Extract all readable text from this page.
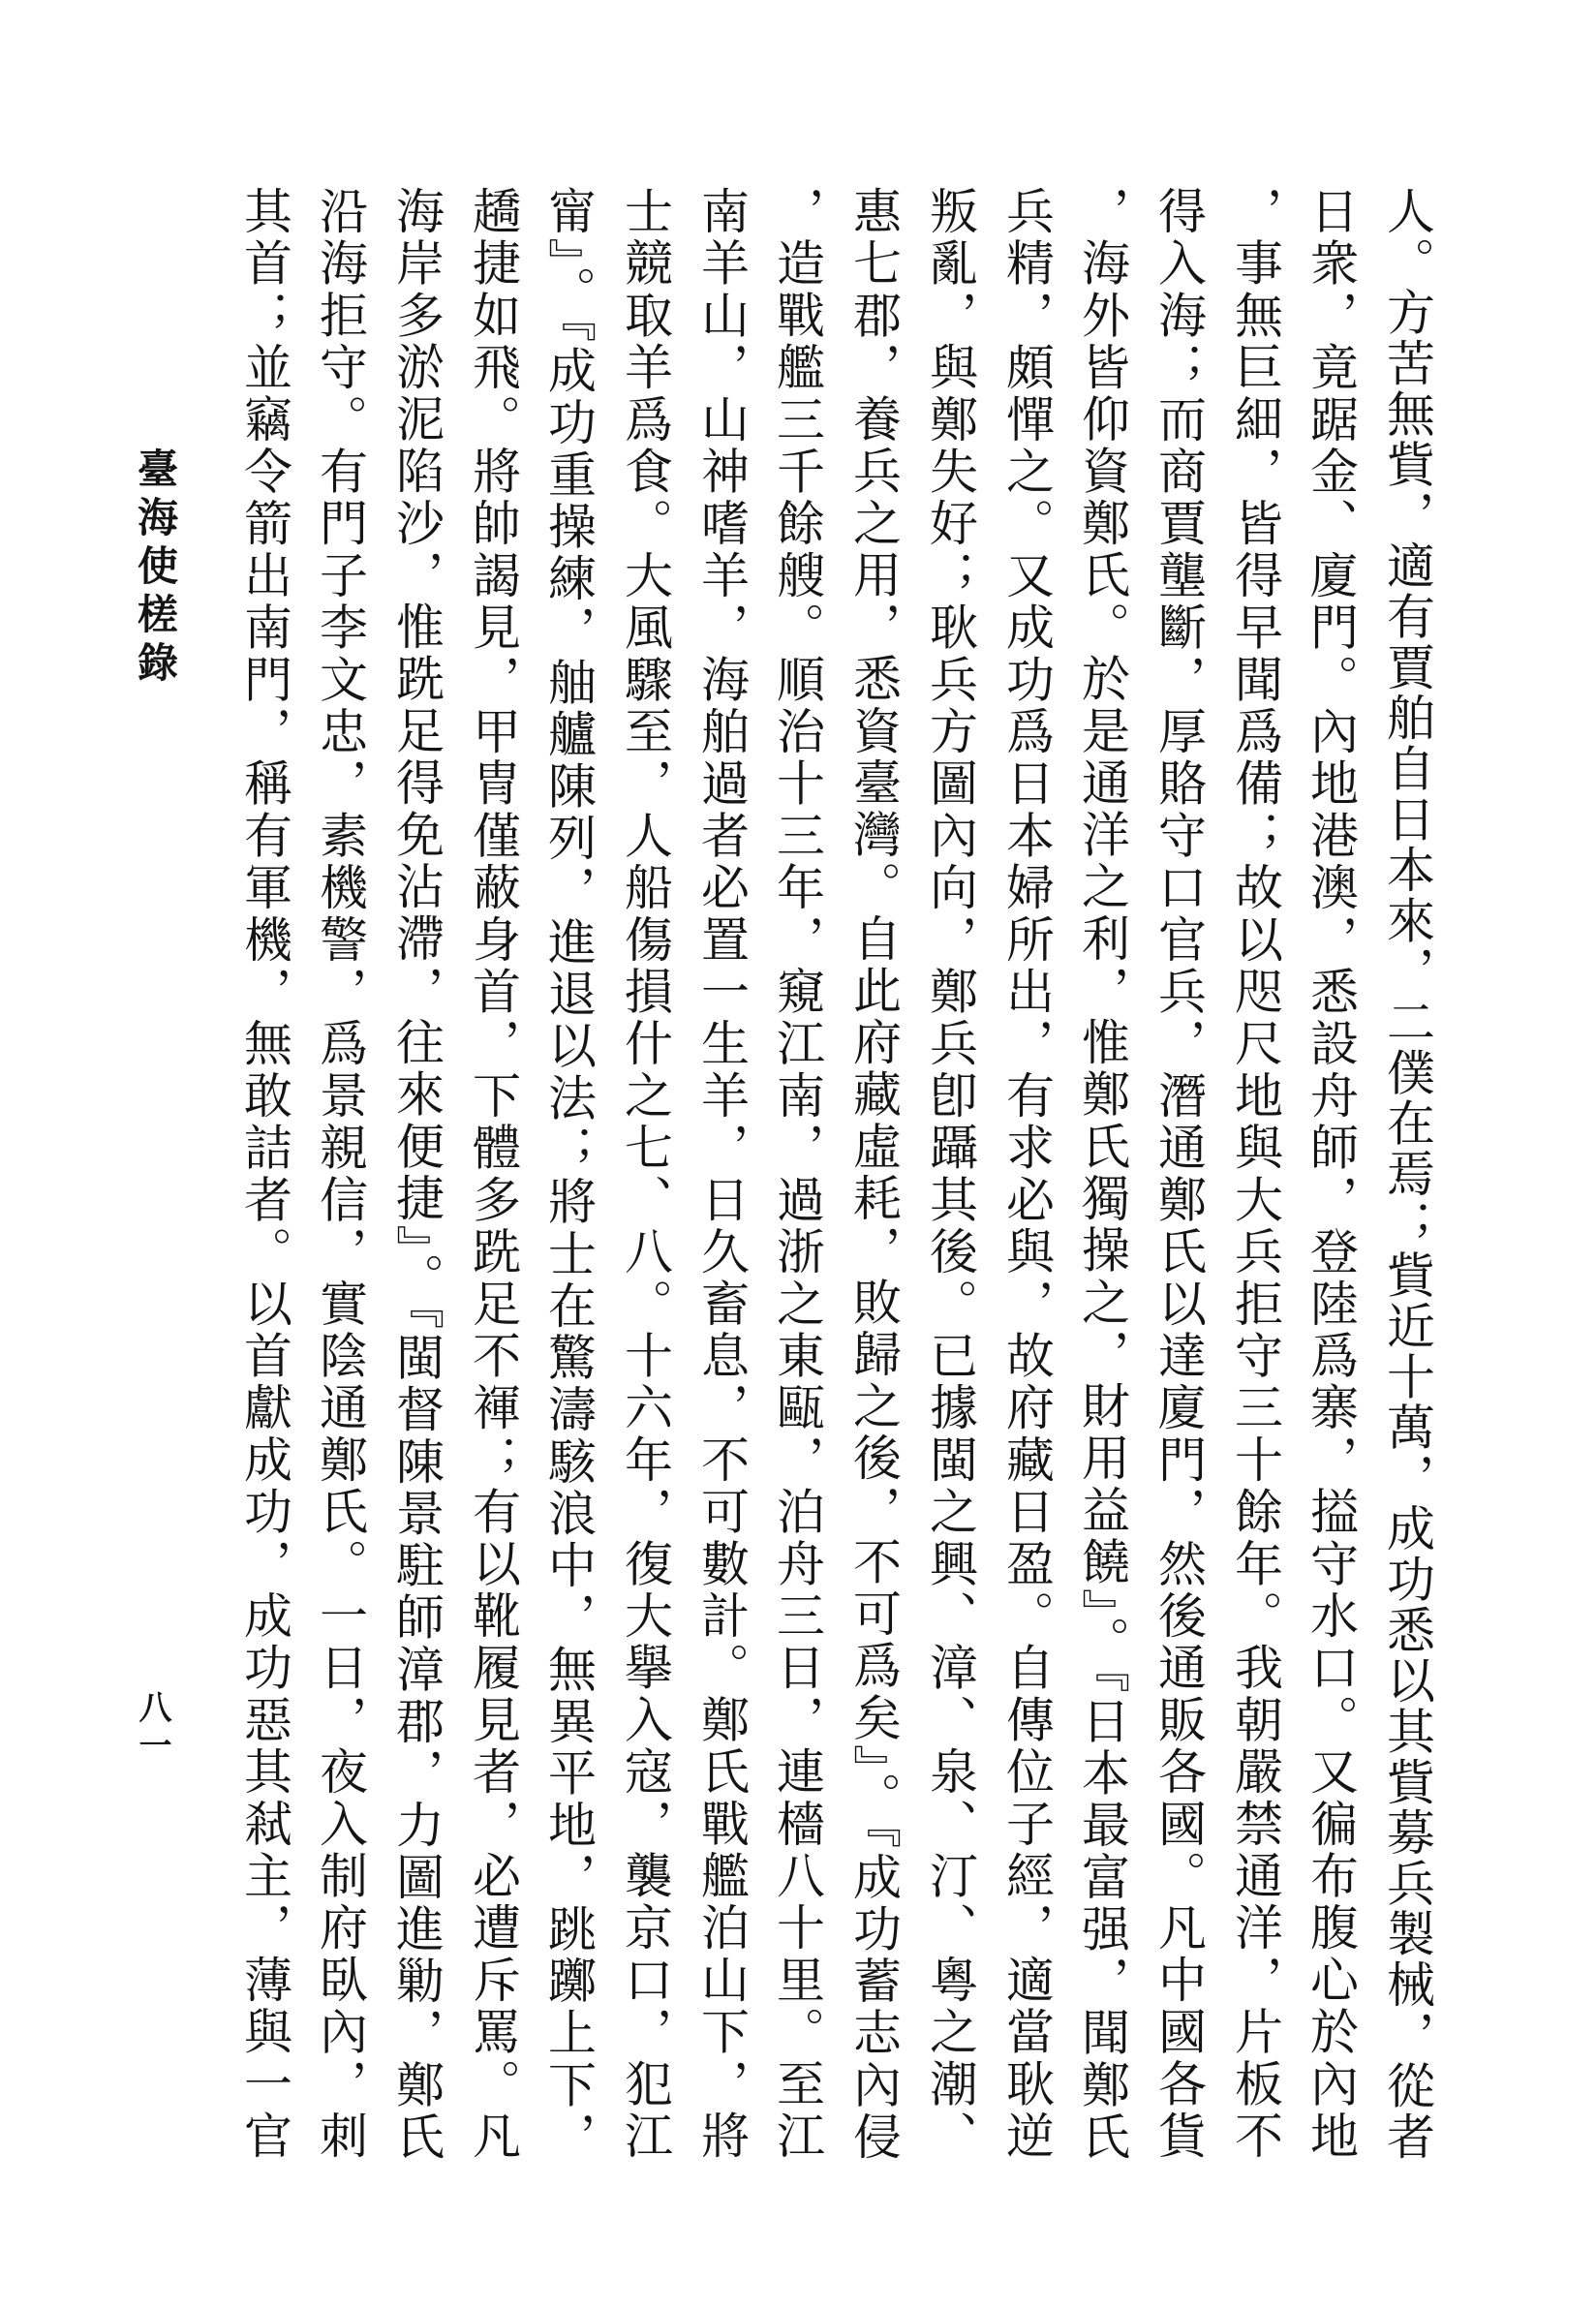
臺海使槎錄
八一	人。方苦無貲，適有賈舶自日本來，二僕在焉；貲近十萬，成功悉以其貲募兵製械，從者
日衆，竟踞金、廈門。內地港澳，悉設舟師，登陸爲寨，搤守水口。又徧布腹心於內地
，事無巨細，皆得早聞爲備；故以咫尺地與大兵拒守三十餘年。我朝嚴禁通洋，片板不
得入海；而商賈壟斷，厚賂守口官兵，潛通鄭氏以達廈門，然後通販各國。凡中國各貨
，海外皆仰資鄭氏。於是通洋之利，惟鄭氏獨操之，財用益饒』。『日本最富强，聞鄭氏
兵精，頗憚之。又成功爲日本婦所出，有求必與，故府藏日盈。自傳位子經，適當耿逆
叛亂，與鄭失好；耿兵方圖內向，鄭兵卽躡其後。已據閩之興、漳、泉、汀、粵之潮、
惠七郡，養兵之用，悉資臺灣。自此府藏虛耗，敗歸之後，不可爲矣』。『成功蓄志內侵
，造戰艦三千餘艘。順治十三年，窺江南，過浙之東甌，泊舟三日，連檣八十里。至江
南羊山，山神嗜羊，海舶過者必置一生羊，日久畜息，不可數計。鄭氏戰艦泊山下，將
士競取羊爲食。大風驟至，人船傷損什之七、八。十六年，復大擧入寇，襲京口，犯江
甯』。『成功重操練，舳艫陳列，進退以法；將士在驚濤駭浪中，無異平地，跳躑上下，
趫捷如飛。將帥謁見，甲冑僅蔽身首，下體多跣足不褌；有以靴履見者，必遭斥罵。凡
海岸多淤泥陷沙，惟跣足得免沾滯，往來便捷』。『閩督陳景駐師漳郡，力圖進勦，鄭氏
沿海拒守。有門子李文忠，素機警，爲景親信，實陰通鄭氏。一日，夜入制府臥內，刺
其首；並竊令箭出南門，稱有軍機，無敢詰者。以首獻成功，成功惡其弒主，薄與一官
